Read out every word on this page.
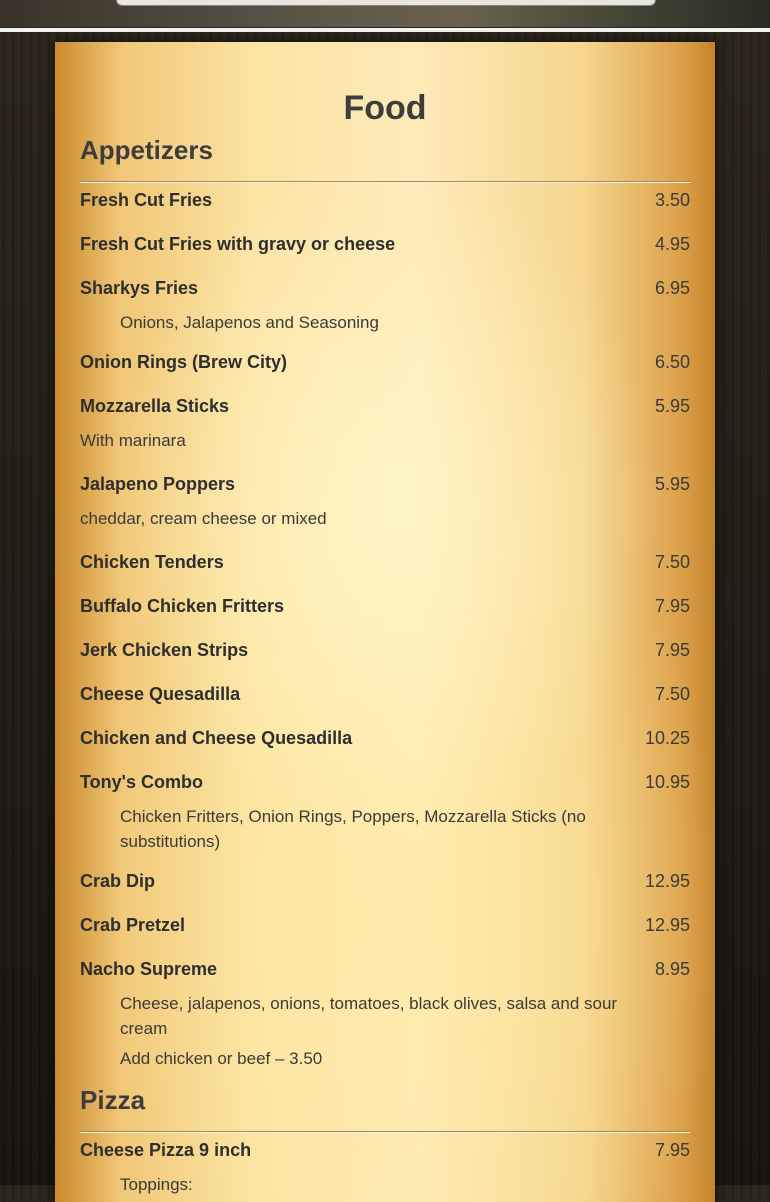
Food
Appetizers
Fresh Cut Fries	3.50
Fresh Cut Fries with gravy or cheese	4.95
Sharkys Fries	6.95
Onions, Jalapenos and Seasoning
Onion Rings (Brew City)	6.50
Mozzarella Sticks	5.95
With marinara
Jalapeno Poppers	5.95
cheddar, cream cheese or mixed
Chicken Tenders	7.50
Buffalo Chicken Fritters	7.95
Jerk Chicken Strips	7.95
Cheese Quesadilla	7.50
Chicken and Cheese Quesadilla	10.25
Tony's Combo	10.95
Chicken Fritters, Onion Rings, Poppers, Mozzarella Sticks (no substitutions)
Crab Dip	12.95
Crab Pretzel	12.95
Nacho Supreme	8.95
Cheese, jalapenos, onions, tomatoes, black olives, salsa and sour cream
Add chicken or beef – 3.50
Pizza
Cheese Pizza 9 inch	7.95
Toppings:
